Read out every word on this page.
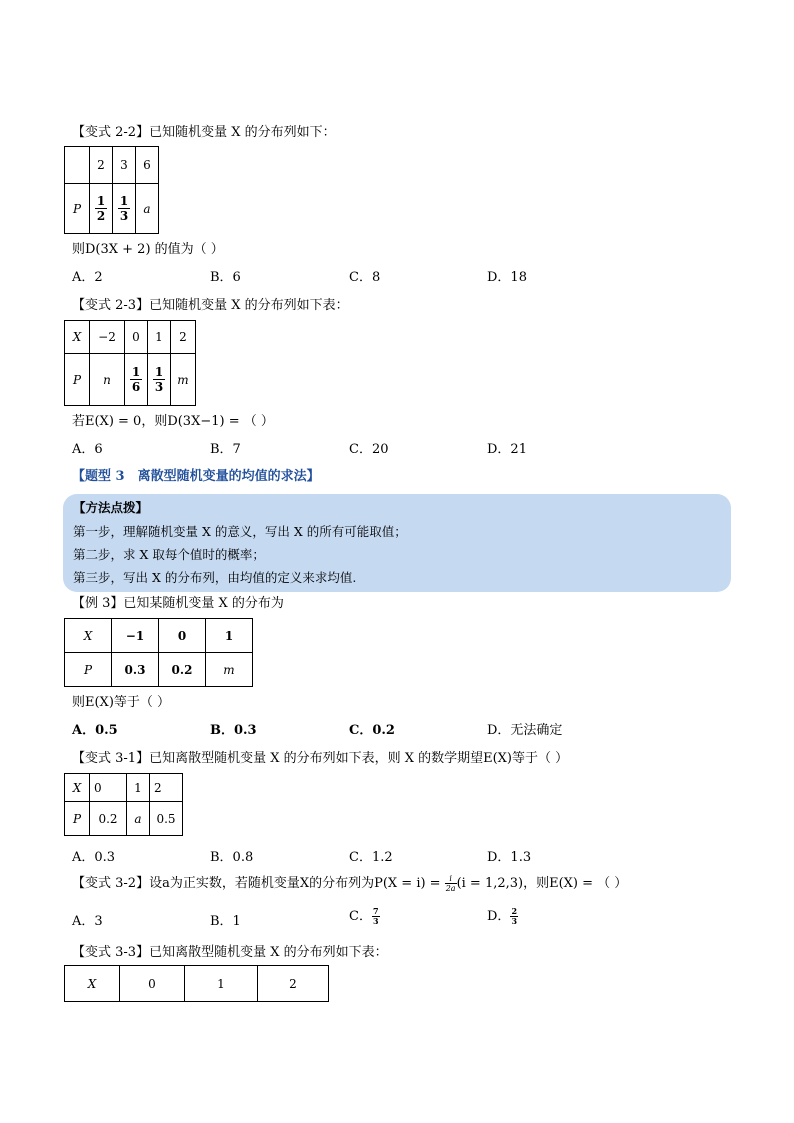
【变式 2-2】已知随机变量 X 的分布列如下：
	2	3	6
P	$\frac{1}{2}$	$\frac{1}{3}$	a
则D(3X + 2) 的值为（ ）
A．2	B．6	C．8	D．18
【变式 2-3】已知随机变量 X 的分布列如下表：
X	−2	0	1	2
P	n	$\frac{1}{6}$	$\frac{1}{3}$	m
若E(X) = 0，则D(3X−1) = （ ）
A．6	B．7	C．20	D．21
【题型 3　离散型随机变量的均值的求法】
【方法点拨】
第一步，理解随机变量 X 的意义，写出 X 的所有可能取值；
第二步，求 X 取每个值时的概率；
第三步，写出 X 的分布列，由均值的定义来求均值.
【例 3】已知某随机变量 X 的分布为
X	−1	0	1
P	0.3	0.2	m
则E(X)等于（ ）
A．0.5	B．0.3	C．0.2	D．无法确定
【变式 3-1】已知离散型随机变量 X 的分布列如下表，则 X 的数学期望E(X)等于（ ）
X	0	1	2
P	0.2	a	0.5
A．0.3	B．0.8	C．1.2	D．1.3
【变式 3-2】设a为正实数，若随机变量X的分布列为$P(X = i) = \frac{i}{2a} (i = 1,2,3)$，则E(X) = （ ）
A．3	B．1	C． $\frac{7}{3}$	D． $\frac{2}{3}$
【变式 3-3】已知离散型随机变量 X 的分布列如下表：
X	0	1	2
